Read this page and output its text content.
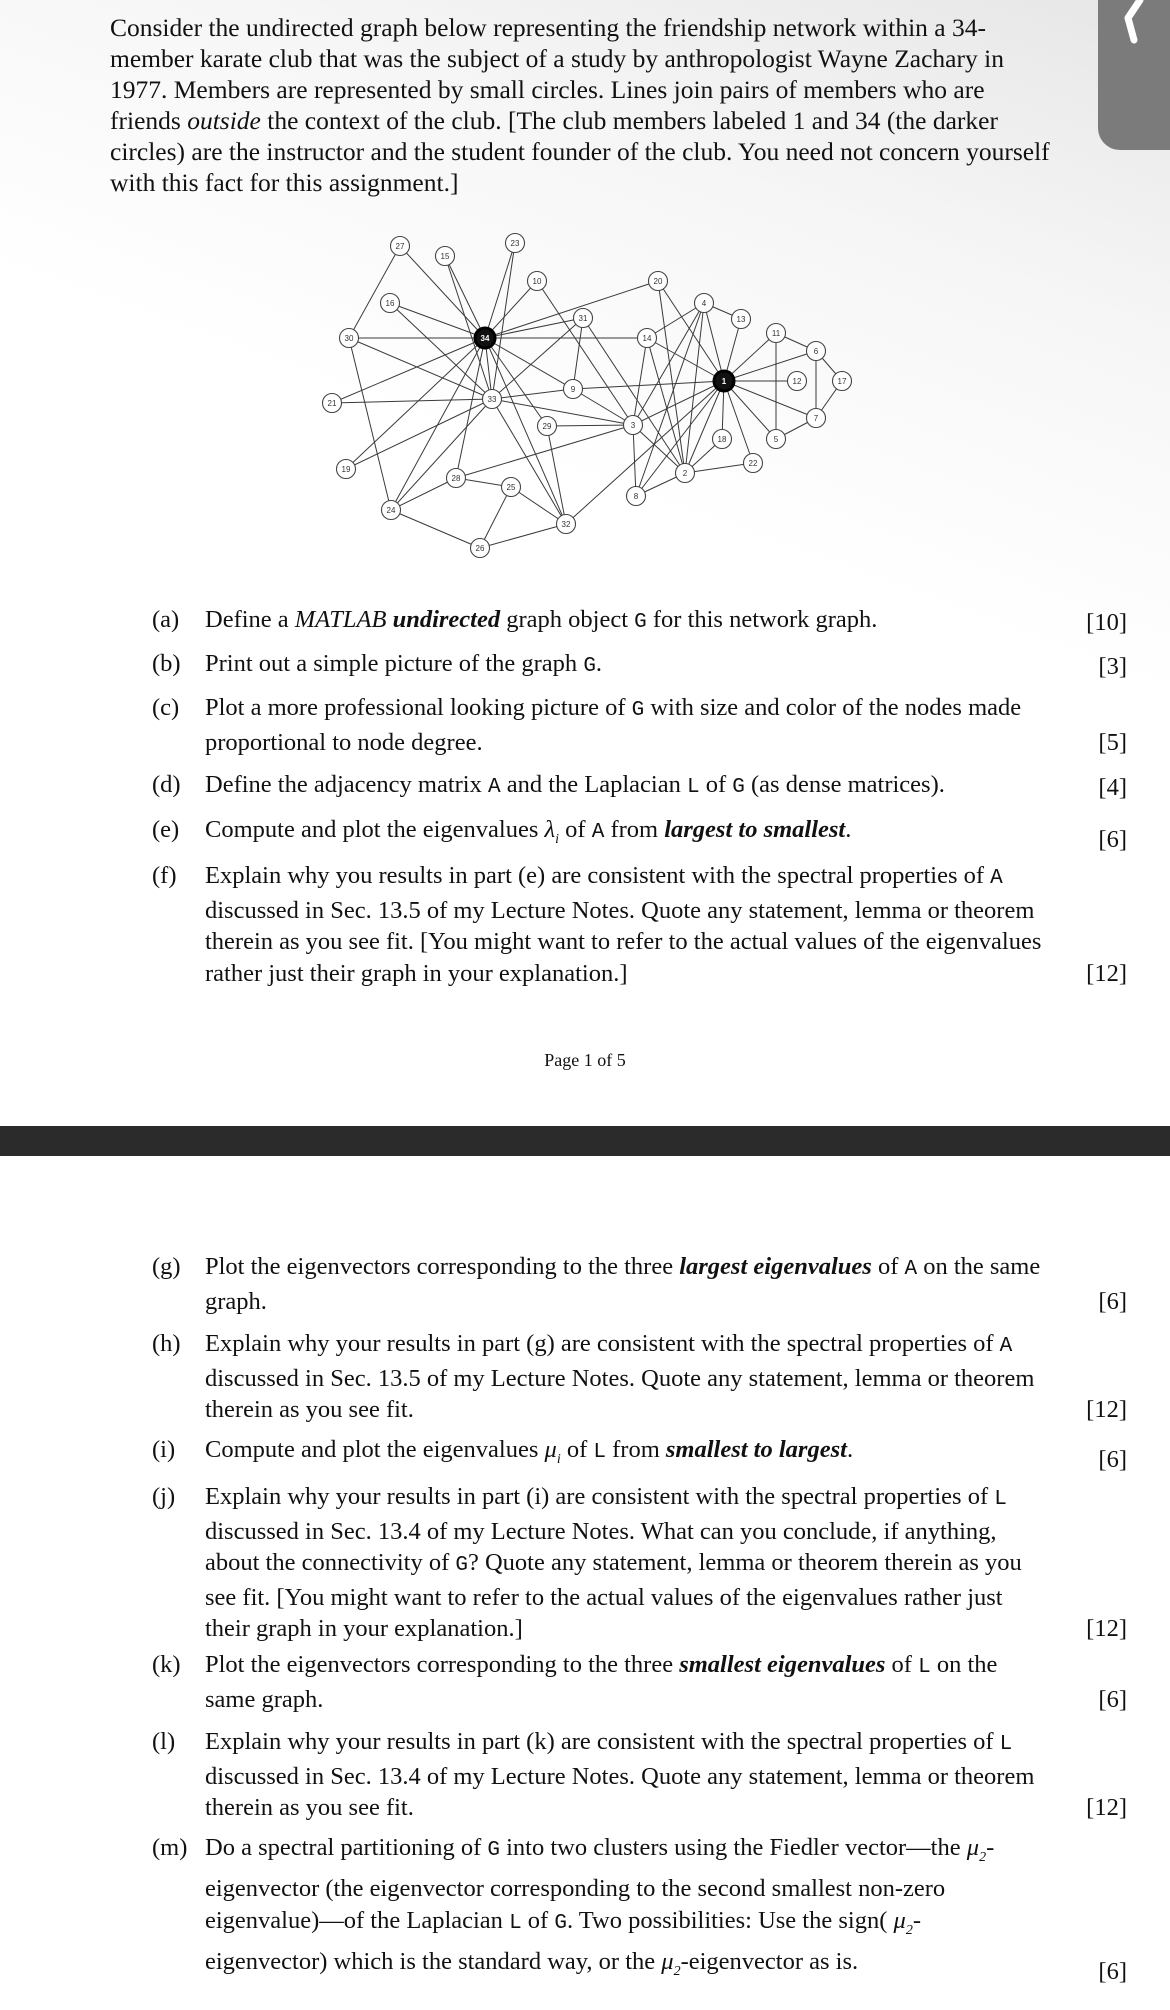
Consider the undirected graph below representing the friendship network within a 34-member karate club that was the subject of a study by anthropologist Wayne Zachary in 1977. Members are represented by small circles. Lines join pairs of members who are friends outside the context of the club. [The club members labeled 1 and 34 (the darker circles) are the instructor and the student founder of the club. You need not concern yourself with this fact for this assignment.]

27
15
23
10	20
16
31
4
13
30	34	14
11
6
21	33
9
1	12	17
29	3
7
18	5
22
19	2
28
25
8
24
32
26
(a) Define a MATLAB undirected graph object G for this network graph.	[10]
(b) Print out a simple picture of the graph G.	[3]
(c) Plot a more professional looking picture of G with size and color of the nodes made proportional to node degree.	[5]
(d) Define the adjacency matrix A and the Laplacian L of G (as dense matrices).	[4]
(e) Compute and plot the eigenvalues $\lambda_i$ of A from largest to smallest.	[6]
(f) Explain why you results in part (e) are consistent with the spectral properties of A discussed in Sec. 13.5 of my Lecture Notes. Quote any statement, lemma or theorem therein as you see fit. [You might want to refer to the actual values of the eigenvalues rather just their graph in your explanation.]	[12]
(g) Plot the eigenvectors corresponding to the three largest eigenvalues of A on the same graph.	[6]
(h) Explain why your results in part (g) are consistent with the spectral properties of A discussed in Sec. 13.5 of my Lecture Notes. Quote any statement, lemma or theorem therein as you see fit.	[12]
(i) Compute and plot the eigenvalues $\mu_i$ of L from smallest to largest.	[6]
(j) Explain why your results in part (i) are consistent with the spectral properties of L discussed in Sec. 13.4 of my Lecture Notes. What can you conclude, if anything, about the connectivity of G? Quote any statement, lemma or theorem therein as you see fit. [You might want to refer to the actual values of the eigenvalues rather just their graph in your explanation.]	[12]
(k) Plot the eigenvectors corresponding to the three smallest eigenvalues of L on the same graph.	[6]
(l) Explain why your results in part (k) are consistent with the spectral properties of L discussed in Sec. 13.4 of my Lecture Notes. Quote any statement, lemma or theorem therein as you see fit.	[12]
(m) Do a spectral partitioning of G into two clusters using the Fiedler vector—the $\mu_2$-eigenvector (the eigenvector corresponding to the second smallest non-zero eigenvalue)—of the Laplacian L of G. Two possibilities: Use the sign( $\mu_2-eigenvector$) which is the standard way, or the $\mu_2$-eigenvector as is.	[6]
Page 1 of 5
